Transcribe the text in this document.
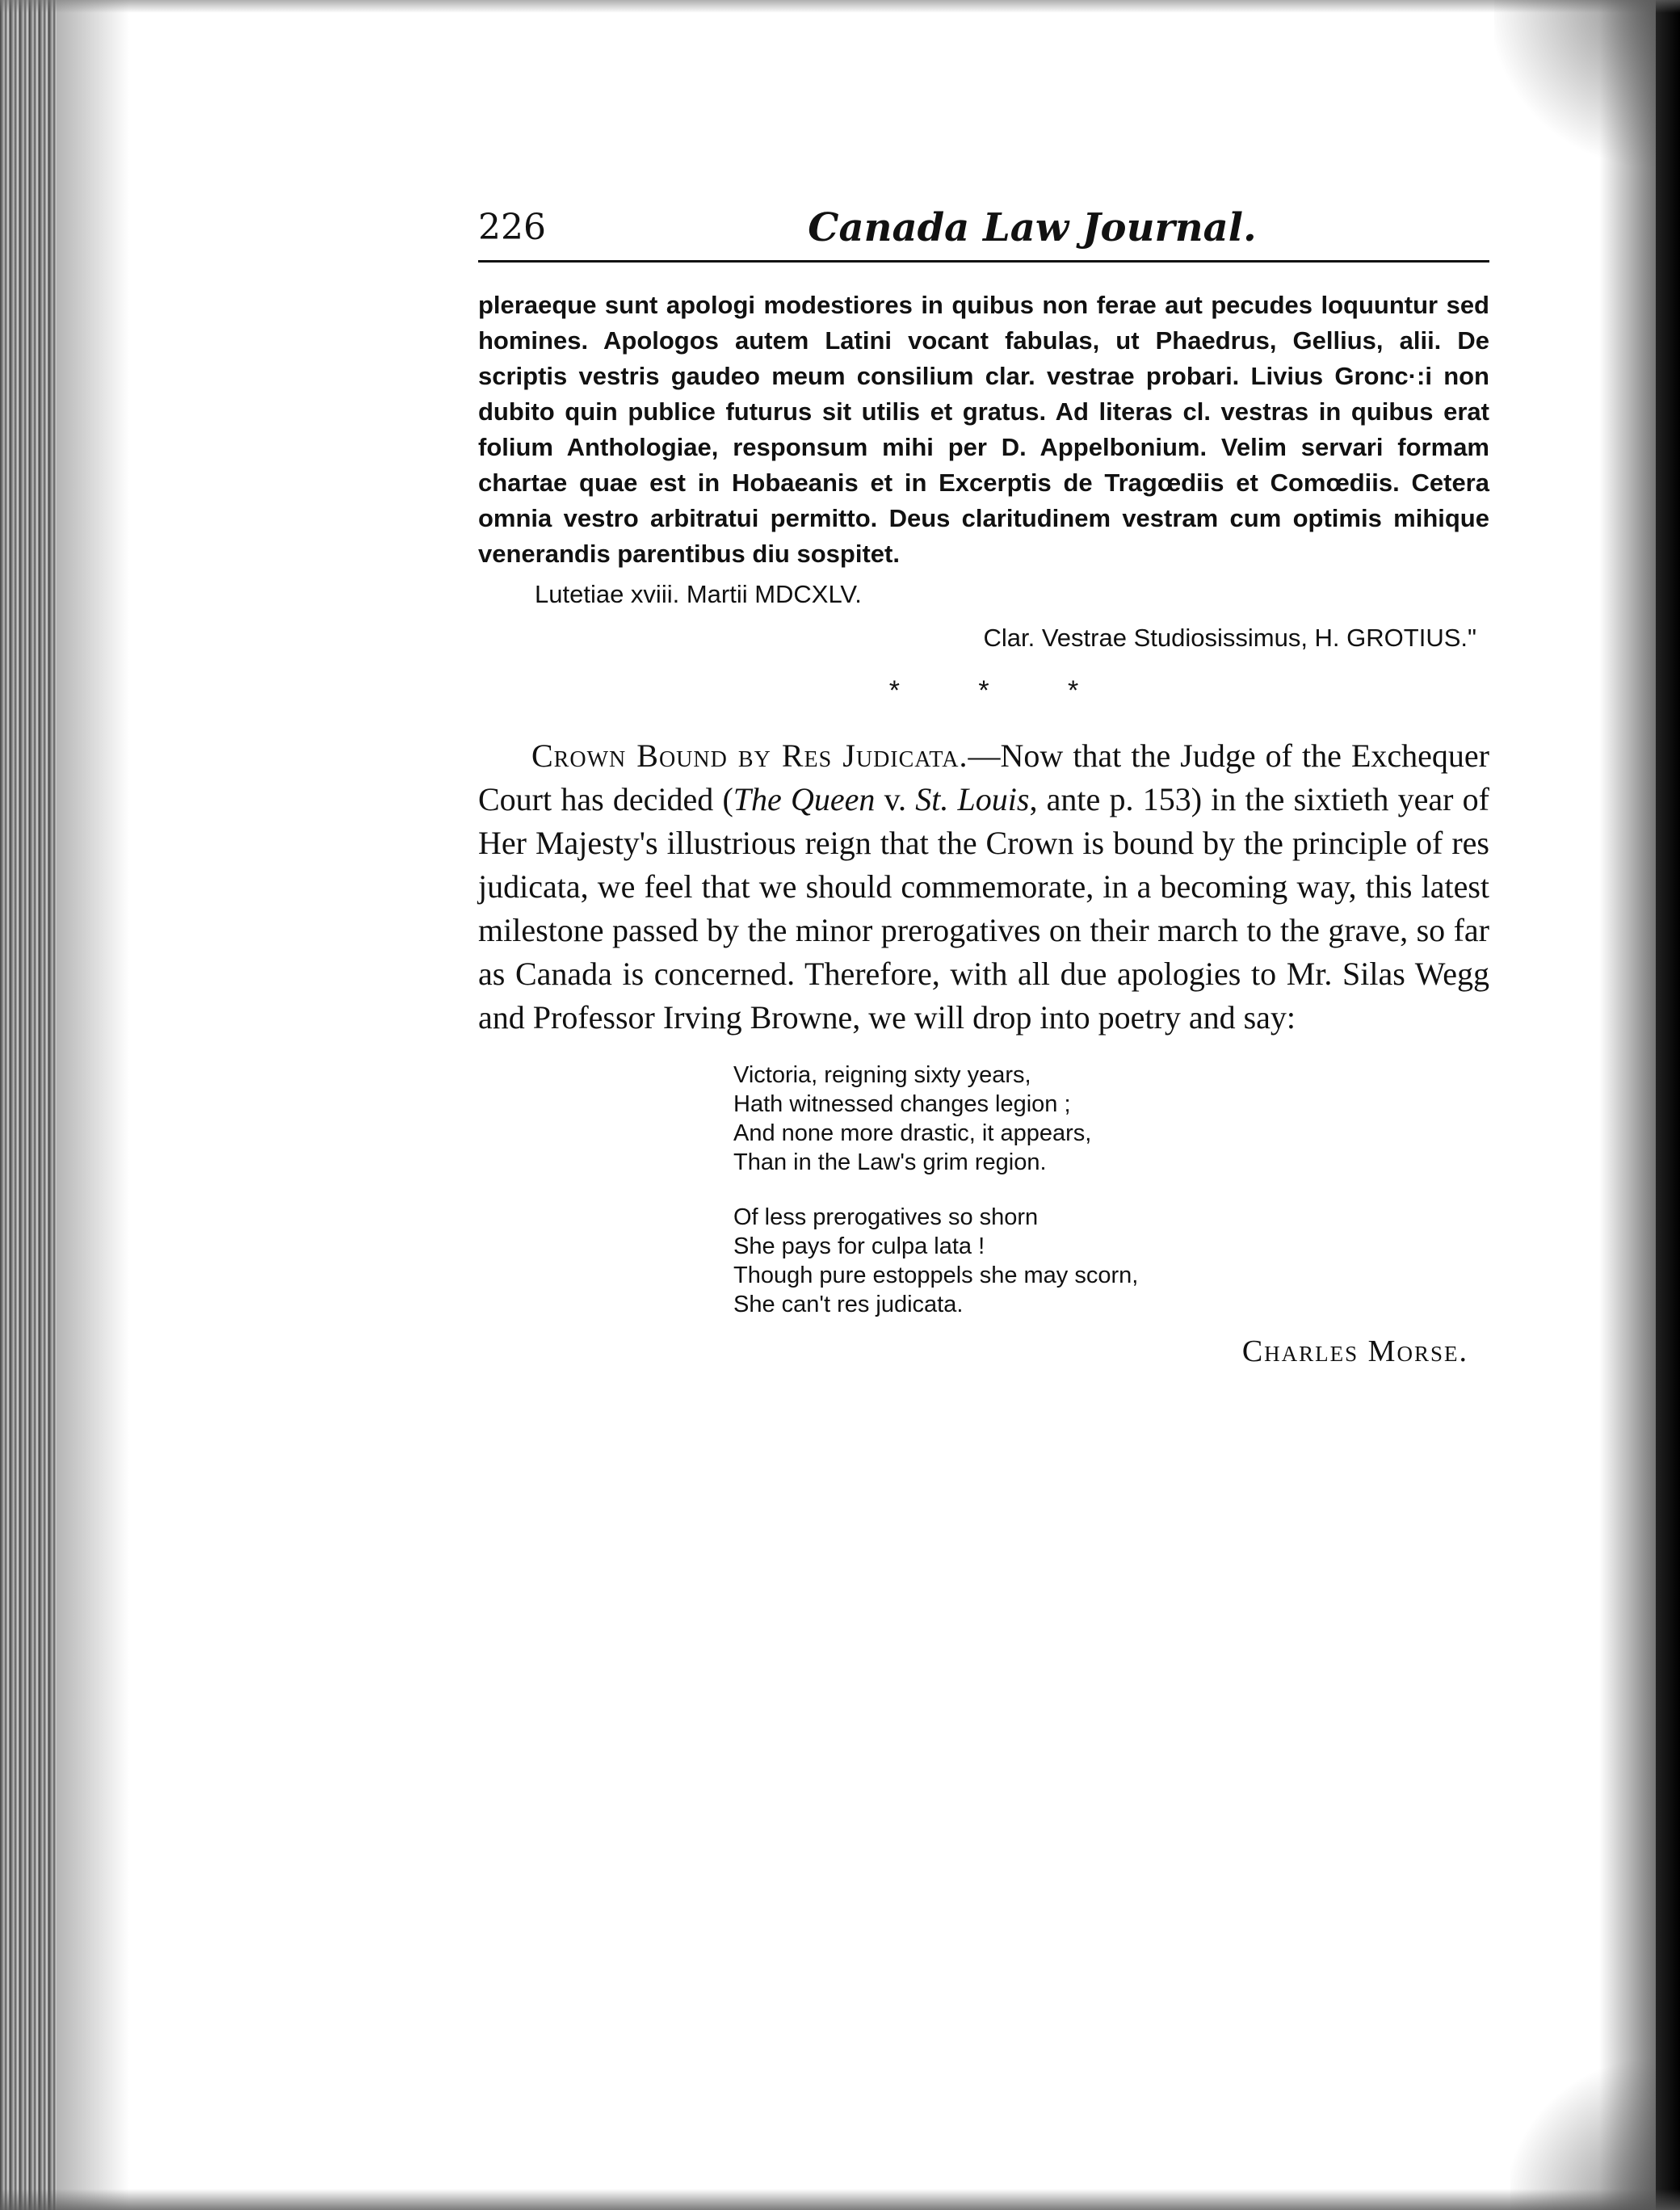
226	Canada Law Journal.

pleraeque sunt apologi modestiores in quibus non ferae aut pecudes loquuntur sed homines. Apologos autem Latini vocant fabulas, ut Phaedrus, Gellius, alii. De scriptis vestris gaudeo meum consilium clar. vestrae probari. Livius Gronc·:i non dubito quin publice futurus sit utilis et gratus. Ad literas cl. vestras in quibus erat folium Anthologiae, responsum mihi per D. Appelbonium. Velim servari formam chartae quae est in Hobaeanis et in Excerptis de Tragœdiis et Comœdiis. Cetera omnia vestro arbitratui permitto. Deus claritudinem vestram cum optimis mihique venerandis parentibus diu sospitet.

Lutetiae xviii. Martii MDCXLV.
Clar. Vestrae Studiosissimus, H. GROTIUS."
* * *

Crown Bound by Res Judicata.—Now that the Judge of the Exchequer Court has decided (The Queen v. St. Louis, ante p. 153) in the sixtieth year of Her Majesty's illustrious reign that the Crown is bound by the principle of res judicata, we feel that we should commemorate, in a becoming way, this latest milestone passed by the minor prerogatives on their march to the grave, so far as Canada is concerned. Therefore, with all due apologies to Mr. Silas Wegg and Professor Irving Browne, we will drop into poetry and say:

Victoria, reigning sixty years,
Hath witnessed changes legion ;
And none more drastic, it appears,
Than in the Law's grim region.
Of less prerogatives so shorn
She pays for culpa lata !
Though pure estoppels she may scorn,
She can't res judicata.
Charles Morse.
